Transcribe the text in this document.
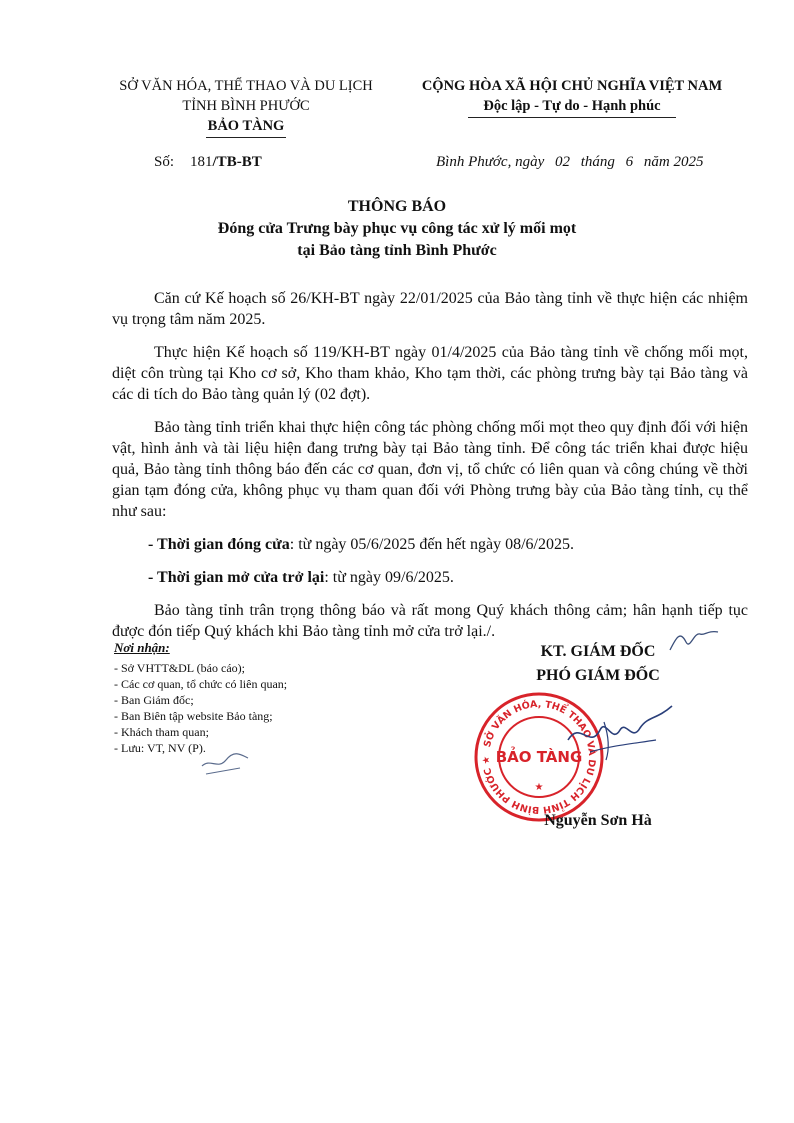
SỞ VĂN HÓA, THỂ THAO VÀ DU LỊCH
TỈNH BÌNH PHƯỚC
BẢO TÀNG
CỘNG HÒA XÃ HỘI CHỦ NGHĨA VIỆT NAM
Độc lập - Tự do - Hạnh phúc
Số: 181/TB-BT	Bình Phước, ngày 02 tháng 6 năm 2025
THÔNG BÁO
Đóng cửa Trưng bày phục vụ công tác xử lý mối mọt
tại Bảo tàng tỉnh Bình Phước

Căn cứ Kế hoạch số 26/KH-BT ngày 22/01/2025 của Bảo tàng tỉnh về thực hiện các nhiệm vụ trọng tâm năm 2025.

Thực hiện Kế hoạch số 119/KH-BT ngày 01/4/2025 của Bảo tàng tỉnh về chống mối mọt, diệt côn trùng tại Kho cơ sở, Kho tham khảo, Kho tạm thời, các phòng trưng bày tại Bảo tàng và các di tích do Bảo tàng quản lý (02 đợt).

Bảo tàng tỉnh triển khai thực hiện công tác phòng chống mối mọt theo quy định đối với hiện vật, hình ảnh và tài liệu hiện đang trưng bày tại Bảo tàng tỉnh. Để công tác triển khai được hiệu quả, Bảo tàng tỉnh thông báo đến các cơ quan, đơn vị, tổ chức có liên quan và công chúng về thời gian tạm đóng cửa, không phục vụ tham quan đối với Phòng trưng bày của Bảo tàng tỉnh, cụ thể như sau:

- Thời gian đóng cửa: từ ngày 05/6/2025 đến hết ngày 08/6/2025.

- Thời gian mở cửa trở lại: từ ngày 09/6/2025.

Bảo tàng tỉnh trân trọng thông báo và rất mong Quý khách thông cảm; hân hạnh tiếp tục được đón tiếp Quý khách khi Bảo tàng tỉnh mở cửa trở lại./.

Nơi nhận:
- Sở VHTT&DL (báo cáo);
- Các cơ quan, tổ chức có liên quan;
- Ban Giám đốc;
- Ban Biên tập website Bảo tàng;
- Khách tham quan;
- Lưu: VT, NV (P).
KT. GIÁM ĐỐC
PHÓ GIÁM ĐỐC
SỞ VĂN HÓA, THỂ THAO VÀ DU LỊCH TỈNH BÌNH PHƯỚC ★ BẢO TÀNG
★
Nguyễn Sơn Hà
